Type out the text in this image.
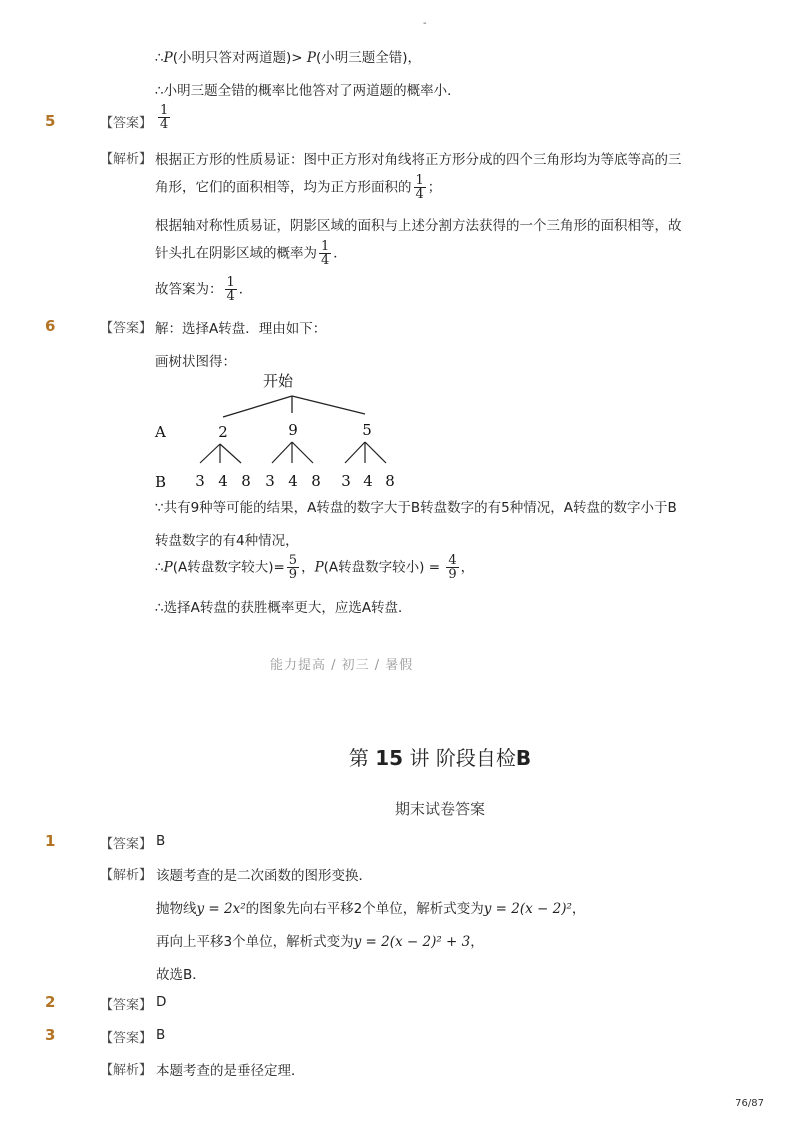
-
∴P(小明只答对两道题)> P(小明三题全错)，
∴小明三题全错的概率比他答对了两道题的概率小．
5	【答案】 $\frac{1}{4}$
【解析】 根据正方形的性质易证：图中正方形对角线将正方形分成的四个三角形均为等底等高的三
角形，它们的面积相等，均为正方形面积的 $\frac{1}{4}$ ；
根据轴对称性质易证，阴影区域的面积与上述分割方法获得的一个三角形的面积相等，故
针头扎在阴影区域的概率为 $\frac{1}{4}$ ．
故答案为： $\frac{1}{4}$ ．
6	【答案】 解：选择A转盘．理由如下：
画树状图得：
开始
A
B
2	9	5
3 4 8 3 4 8 3 4 8
∵共有9种等可能的结果，A转盘的数字大于B转盘数字的有5种情况，A转盘的数字小于B
转盘数字的有4种情况，
∴P(A转盘数字较大)= $\frac{5}{9}$ ，P(A转盘数字较小) = $\frac{4}{9}$ ，
∴选择A转盘的获胜概率更大，应选A转盘．
能力提高 / 初三 / 暑假
第 15 讲 阶段自检B
期末试卷答案
1	【答案】 B
【解析】 该题考查的是二次函数的图形变换．
抛物线y = 2x²的图象先向右平移2个单位，解析式变为y = 2(x − 2)²，
再向上平移3个单位，解析式变为y = 2(x − 2)² + 3，
故选B．
2	【答案】 D
3	【答案】 B
【解析】 本题考查的是垂径定理．
76/87
